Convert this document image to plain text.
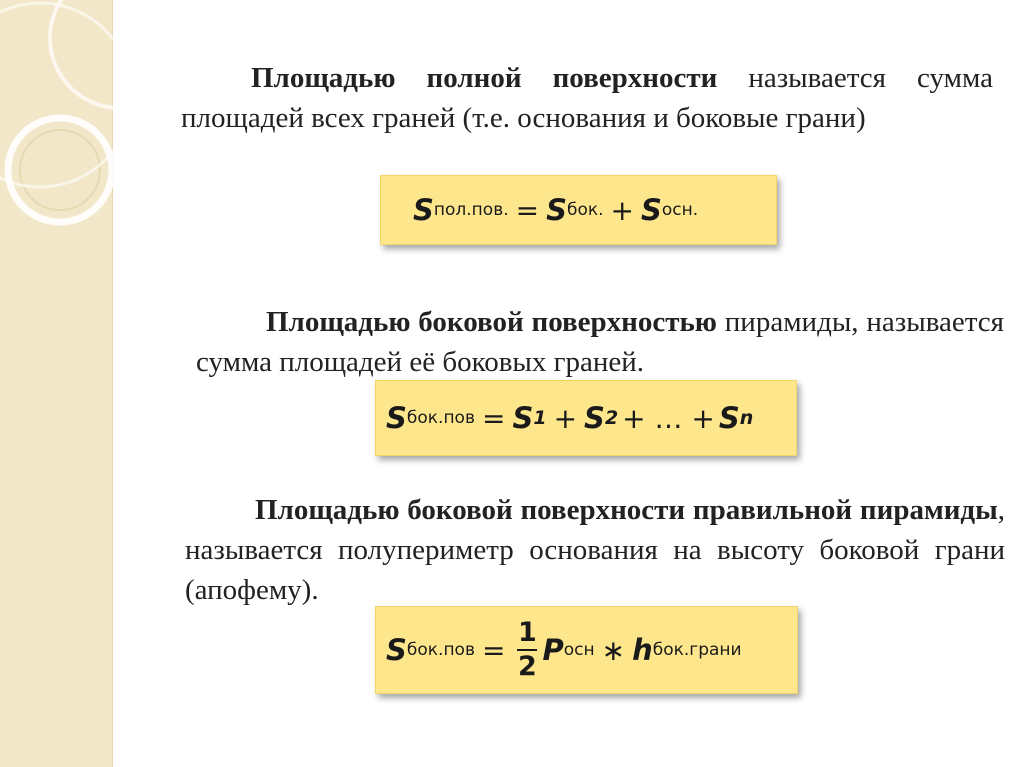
Площадью полной поверхности называется сумма площадей всех граней (т.е. основания и боковые грани)
S пол.пов. = S бок. + S осн.
Площадью боковой поверхностью пирамиды, называется сумма площадей её боковых граней.
S бок.пов = S 1 + S 2 + … + S n
Площадью боковой поверхности правильной пирамиды, называется полупериметр основания на высоту боковой грани (апофему).
S $бок.пов = \frac{1}{2}$ P осн ∗ h бок.грани
